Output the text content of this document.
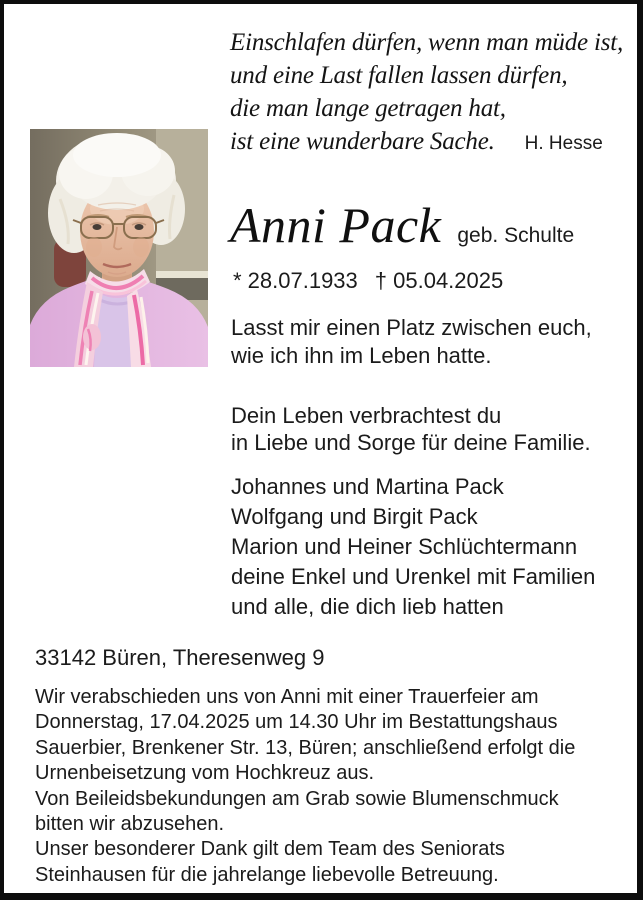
Einschlafen dürfen, wenn man müde ist,
und eine Last fallen lassen dürfen,
die man lange getragen hat,
ist eine wunderbare Sache. H. Hesse
Anni Pack geb. Schulte
* 28.07.1933 † 05.04.2025
Lasst mir einen Platz zwischen euch,
wie ich ihn im Leben hatte.
Dein Leben verbrachtest du
in Liebe und Sorge für deine Familie.
Johannes und Martina Pack
Wolfgang und Birgit Pack
Marion und Heiner Schlüchtermann
deine Enkel und Urenkel mit Familien
und alle, die dich lieb hatten
33142 Büren, Theresenweg 9
Wir verabschieden uns von Anni mit einer Trauerfeier am
Donnerstag, 17.04.2025 um 14.30 Uhr im Bestattungshaus
Sauerbier, Brenkener Str. 13, Büren; anschließend erfolgt die
Urnenbeisetzung vom Hochkreuz aus.
Von Beileidsbekundungen am Grab sowie Blumenschmuck
bitten wir abzusehen.
Unser besonderer Dank gilt dem Team des Seniorats
Steinhausen für die jahrelange liebevolle Betreuung.
